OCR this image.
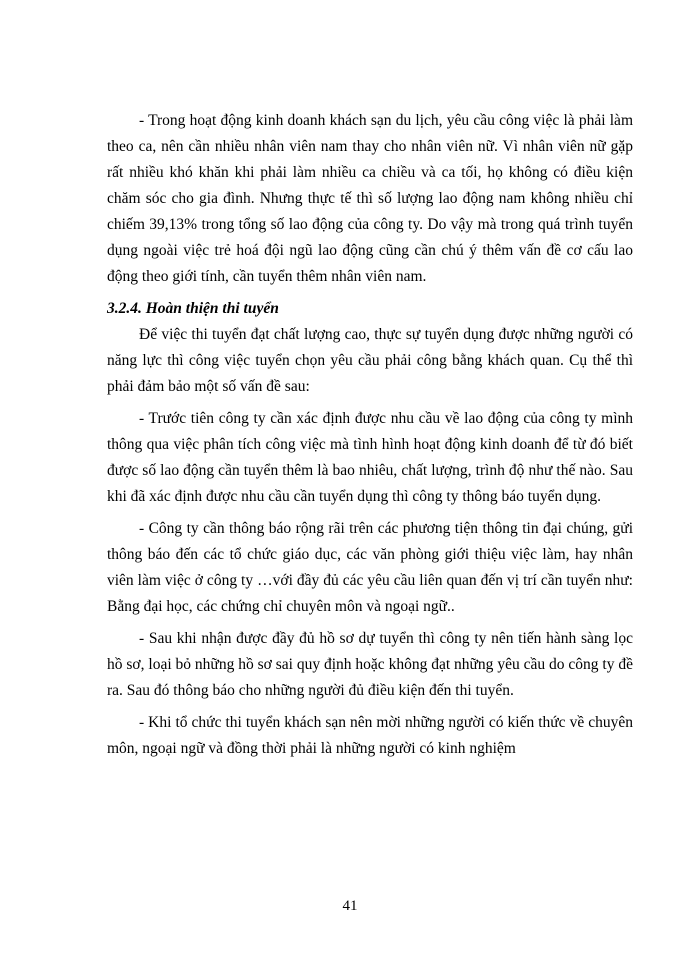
- Trong hoạt động kinh doanh khách sạn du lịch, yêu cầu công việc là phải làm theo ca, nên cần nhiều nhân viên nam thay cho nhân viên nữ. Vì nhân viên nữ gặp rất nhiều khó khăn khi phải làm nhiều ca chiều và ca tối, họ không có điều kiện chăm sóc cho gia đình. Nhưng thực tế thì số lượng lao động nam không nhiều chỉ chiếm 39,13% trong tổng số lao động của công ty. Do vậy mà trong quá trình tuyển dụng ngoài việc trẻ hoá đội ngũ lao động cũng cần chú ý thêm vấn đề cơ cấu lao động theo giới tính, cần tuyển thêm nhân viên nam.

3.2.4. Hoàn thiện thi tuyển

Để việc thi tuyển đạt chất lượng cao, thực sự tuyển dụng được những người có năng lực thì công việc tuyển chọn yêu cầu phải công bằng khách quan. Cụ thể thì phải đảm bảo một số vấn đề sau:

- Trước tiên công ty cần xác định được nhu cầu về lao động của công ty mình thông qua việc phân tích công việc mà tình hình hoạt động kinh doanh để từ đó biết được số lao động cần tuyển thêm là bao nhiêu, chất lượng, trình độ như thế nào. Sau khi đã xác định được nhu cầu cần tuyển dụng thì công ty thông báo tuyển dụng.

- Công ty cần thông báo rộng rãi trên các phương tiện thông tin đại chúng, gửi thông báo đến các tổ chức giáo dục, các văn phòng giới thiệu việc làm, hay nhân viên làm việc ở công ty …với đầy đủ các yêu cầu liên quan đến vị trí cần tuyển như: Bằng đại học, các chứng chỉ chuyên môn và ngoại ngữ..

- Sau khi nhận được đầy đủ hồ sơ dự tuyển thì công ty nên tiến hành sàng lọc hồ sơ, loại bỏ những hồ sơ sai quy định hoặc không đạt những yêu cầu do công ty đề ra. Sau đó thông báo cho những người đủ điều kiện đến thi tuyển.

- Khi tổ chức thi tuyển khách sạn nên mời những người có kiến thức về chuyên môn, ngoại ngữ và đồng thời phải là những người có kinh nghiệm

41
